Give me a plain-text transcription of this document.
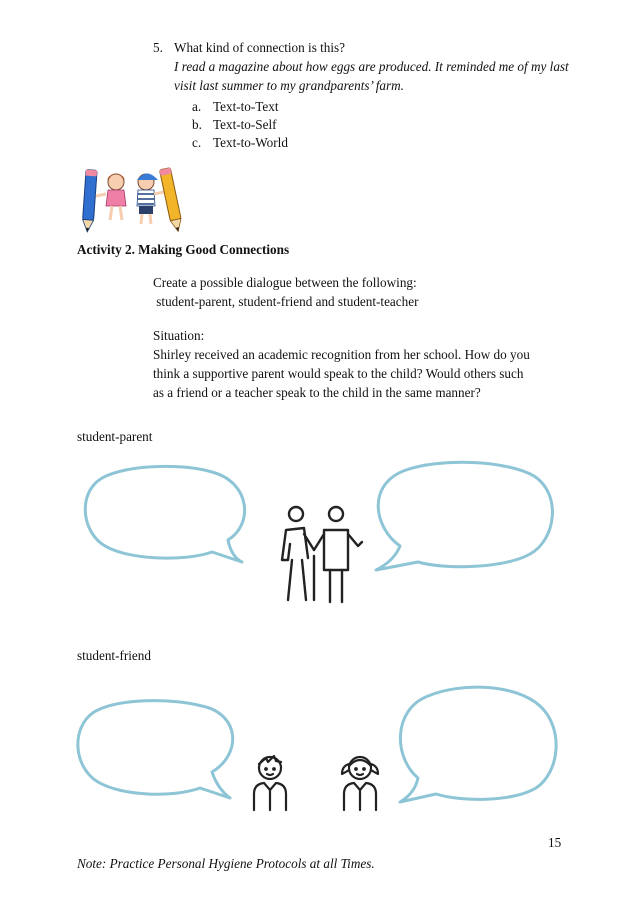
5. What kind of connection is this?
I read a magazine about how eggs are produced. It reminded me of my last
visit last summer to my grandparents’ farm.
a. Text-to-Text
b. Text-to-Self
c. Text-to-World
Activity 2. Making Good Connections
Create a possible dialogue between the following:
student-parent, student-friend and student-teacher
Situation:
Shirley received an academic recognition from her school. How do you
think a supportive parent would speak to the child? Would others such
as a friend or a teacher speak to the child in the same manner?
student-parent
student-friend
15
Note: Practice Personal Hygiene Protocols at all Times.
